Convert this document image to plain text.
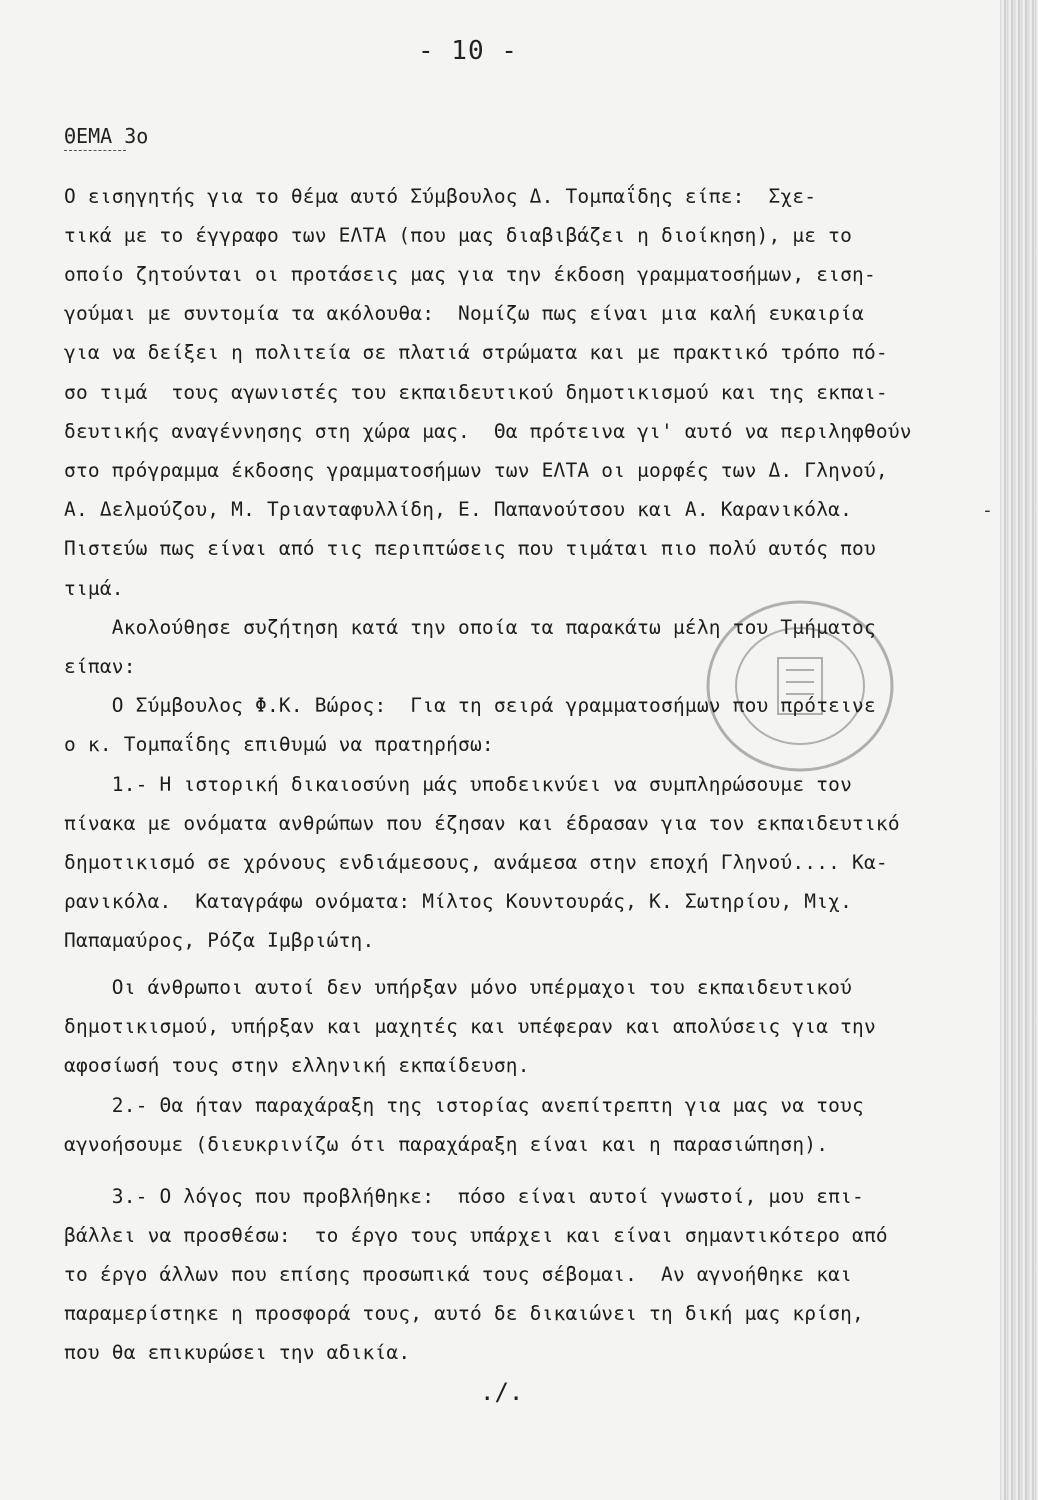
- 10 -
ΘΕΜΑ 3ο
Ο εισηγητής για το θέμα αυτό Σύμβουλος Δ. Τομπαΐδης είπε:  Σχε-
τικά με το έγγραφο των ΕΛΤΑ (που μας διαβιβάζει η διοίκηση), με το
οποίο ζητούνται οι προτάσεις μας για την έκδοση γραμματοσήμων, ειση-
γούμαι με συντομία τα ακόλουθα:  Νομίζω πως είναι μια καλή ευκαιρία
για να δείξει η πολιτεία σε πλατιά στρώματα και με πρακτικό τρόπο πό-
σο τιμά  τους αγωνιστές του εκπαιδευτικού δημοτικισμού και της εκπαι-
δευτικής αναγέννησης στη χώρα μας.  Θα πρότεινα γι' αυτό να περιληφθούν
στο πρόγραμμα έκδοσης γραμματοσήμων των ΕΛΤΑ οι μορφές των Δ. Γληνού,
Α. Δελμούζου, Μ. Τριανταφυλλίδη, Ε. Παπανούτσου και Α. Καρανικόλα.
Πιστεύω πως είναι από τις περιπτώσεις που τιμάται πιο πολύ αυτός που
τιμά.
Ακολούθησε συζήτηση κατά την οποία τα παρακάτω μέλη του Τμήματος
είπαν:
Ο Σύμβουλος Φ.Κ. Βώρος:  Για τη σειρά γραμματοσήμων που πρότεινε
ο κ. Τομπαΐδης επιθυμώ να πρατηρήσω:
1.- Η ιστορική δικαιοσύνη μάς υποδεικνύει να συμπληρώσουμε τον
πίνακα με ονόματα ανθρώπων που έζησαν και έδρασαν για τον εκπαιδευτικό
δημοτικισμό σε χρόνους ενδιάμεσους, ανάμεσα στην εποχή Γληνού.... Κα-
ρανικόλα.  Καταγράφω ονόματα: Μίλτος Κουντουράς, Κ. Σωτηρίου, Μιχ.
Παπαμαύρος, Ρόζα Ιμβριώτη.
Οι άνθρωποι αυτοί δεν υπήρξαν μόνο υπέρμαχοι του εκπαιδευτικού
δημοτικισμού, υπήρξαν και μαχητές και υπέφεραν και απολύσεις για την
αφοσίωσή τους στην ελληνική εκπαίδευση.
2.- Θα ήταν παραχάραξη της ιστορίας ανεπίτρεπτη για μας να τους
αγνοήσουμε (διευκρινίζω ότι παραχάραξη είναι και η παρασιώπηση).
3.- Ο λόγος που προβλήθηκε:  πόσο είναι αυτοί γνωστοί, μου επι-
βάλλει να προσθέσω:  το έργο τους υπάρχει και είναι σημαντικότερο από
το έργο άλλων που επίσης προσωπικά τους σέβομαι.  Αν αγνοήθηκε και
παραμερίστηκε η προσφορά τους, αυτό δε δικαιώνει τη δική μας κρίση,
που θα επικυρώσει την αδικία.
-
./.
